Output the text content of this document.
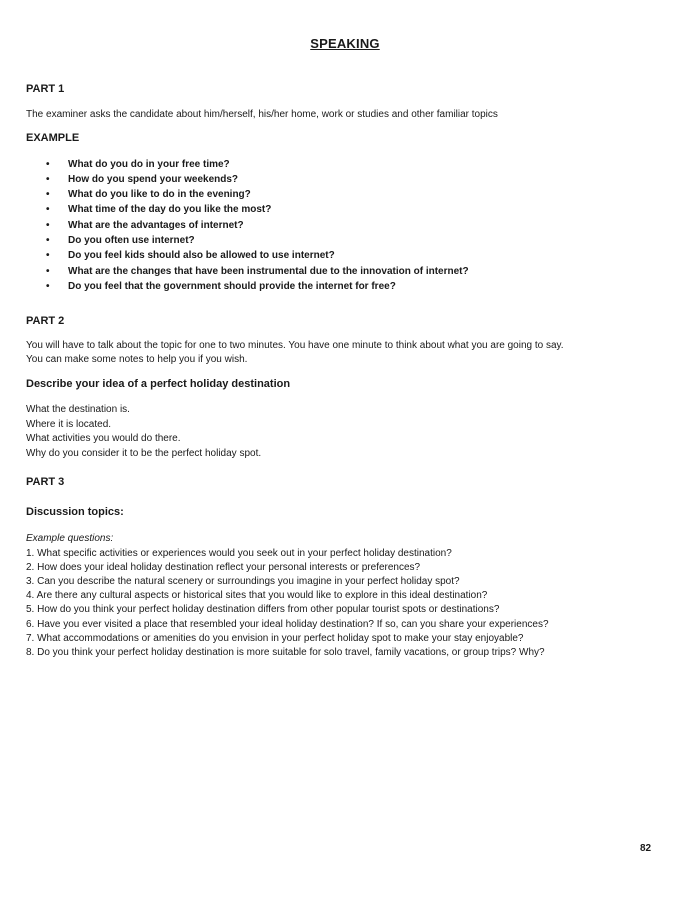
SPEAKING

PART 1

The examiner asks the candidate about him/herself, his/her home, work or studies and other familiar topics

EXAMPLE

• What do you do in your free time?
• How do you spend your weekends?
• What do you like to do in the evening?
• What time of the day do you like the most?
• What are the advantages of internet?
• Do you often use internet?
• Do you feel kids should also be allowed to use internet?
• What are the changes that have been instrumental due to the innovation of internet?
• Do you feel that the government should provide the internet for free?

PART 2

You will have to talk about the topic for one to two minutes. You have one minute to think about what you are going to say.

You can make some notes to help you if you wish.

Describe your idea of a perfect holiday destination

What the destination is.

Where it is located.

What activities you would do there.

Why do you consider it to be the perfect holiday spot.

PART 3

Discussion topics:

Example questions:

1. What specific activities or experiences would you seek out in your perfect holiday destination?

2. How does your ideal holiday destination reflect your personal interests or preferences?

3. Can you describe the natural scenery or surroundings you imagine in your perfect holiday spot?

4. Are there any cultural aspects or historical sites that you would like to explore in this ideal destination?

5. How do you think your perfect holiday destination differs from other popular tourist spots or destinations?

6. Have you ever visited a place that resembled your ideal holiday destination? If so, can you share your experiences?

7. What accommodations or amenities do you envision in your perfect holiday spot to make your stay enjoyable?

8. Do you think your perfect holiday destination is more suitable for solo travel, family vacations, or group trips? Why?

82
